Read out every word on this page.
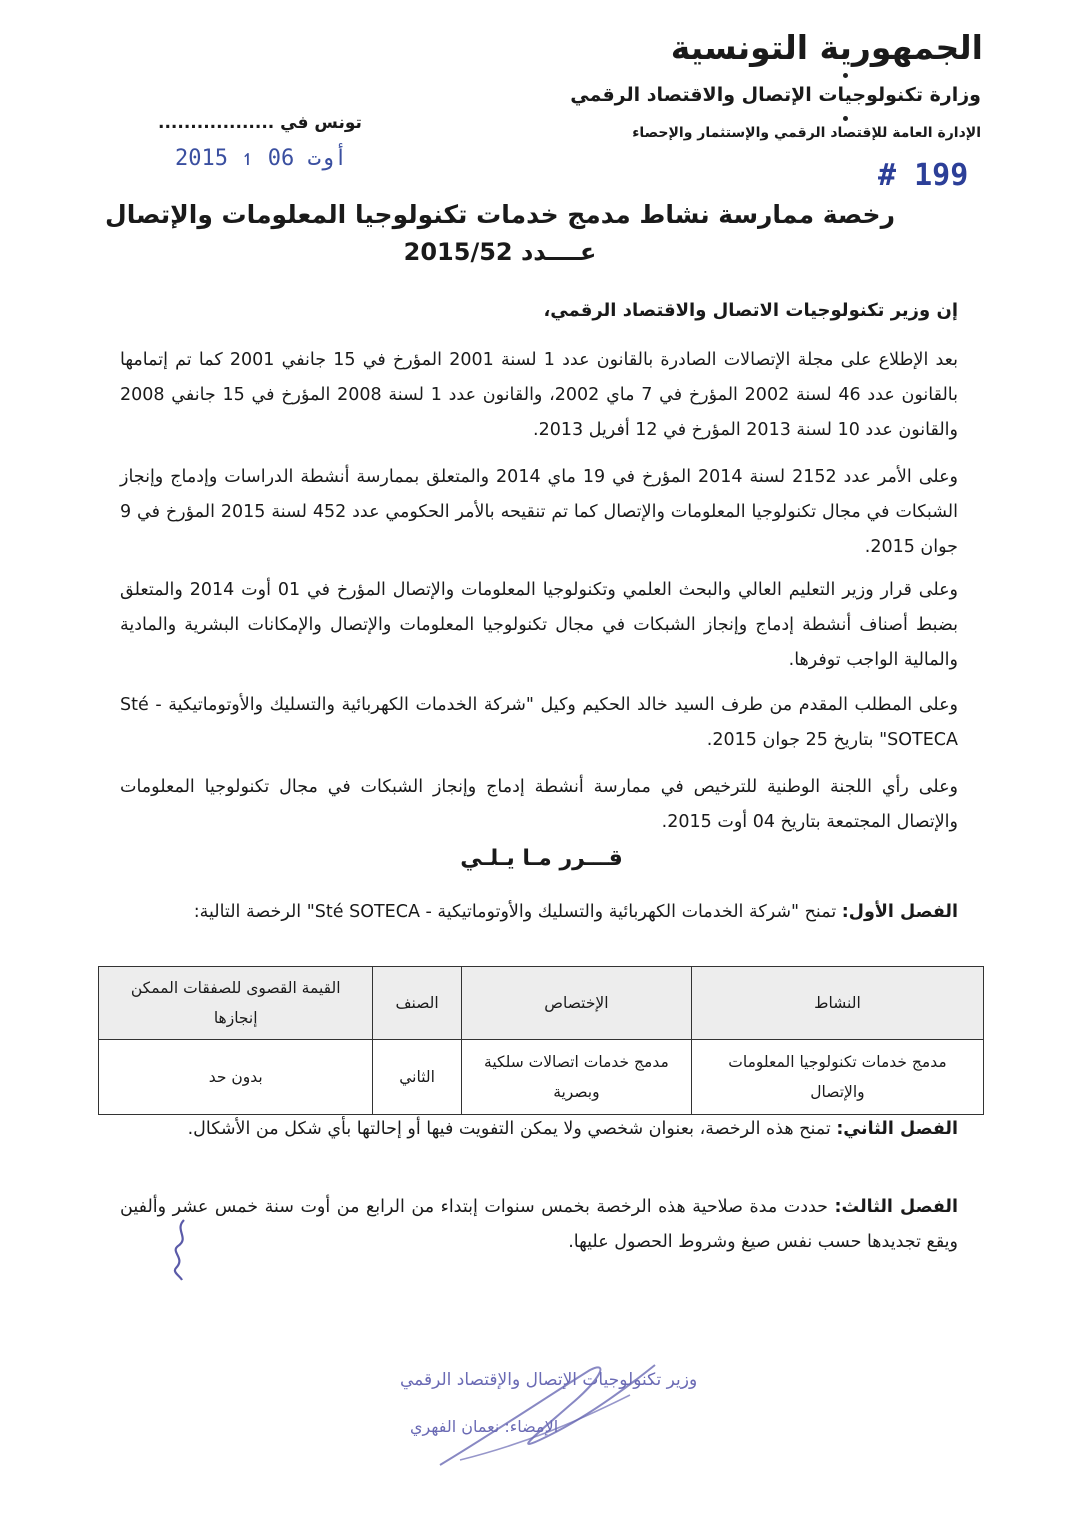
الجمهورية التونسية
وزارة تكنولوجيات الإتصال والاقتصاد الرقمي
الإدارة العامة للإقتصاد الرقمي والإستثمار والإحصاء
تونس في ..................
2015 ↿ أوت 06	# 199
رخصة ممارسة نشاط مدمج خدمات تكنولوجيا المعلومات والإتصال
عــــدد 2015/52
إن وزير تكنولوجيات الاتصال والاقتصاد الرقمي،
بعد الإطلاع على مجلة الإتصالات الصادرة بالقانون عدد 1 لسنة 2001 المؤرخ في 15 جانفي 2001 كما تم إتمامها بالقانون عدد 46 لسنة 2002 المؤرخ في 7 ماي 2002، والقانون عدد 1 لسنة 2008 المؤرخ في 15 جانفي 2008 والقانون عدد 10 لسنة 2013 المؤرخ في 12 أفريل 2013.
وعلى الأمر عدد 2152 لسنة 2014 المؤرخ في 19 ماي 2014 والمتعلق بممارسة أنشطة الدراسات وإدماج وإنجاز الشبكات في مجال تكنولوجيا المعلومات والإتصال كما تم تنقيحه بالأمر الحكومي عدد 452 لسنة 2015 المؤرخ في 9 جوان 2015.
وعلى قرار وزير التعليم العالي والبحث العلمي وتكنولوجيا المعلومات والإتصال المؤرخ في 01 أوت 2014 والمتعلق بضبط أصناف أنشطة إدماج وإنجاز الشبكات في مجال تكنولوجيا المعلومات والإتصال والإمكانات البشرية والمادية والمالية الواجب توفرها.
وعلى المطلب المقدم من طرف السيد خالد الحكيم وكيل "شركة الخدمات الكهربائية والتسليك والأوتوماتيكية - Sté SOTECA" بتاريخ 25 جوان 2015.
وعلى رأي اللجنة الوطنية للترخيص في ممارسة أنشطة إدماج وإنجاز الشبكات في مجال تكنولوجيا المعلومات والإتصال المجتمعة بتاريخ 04 أوت 2015.
قـــرر مـا يـلـي
الفصل الأول: تمنح "شركة الخدمات الكهربائية والتسليك والأوتوماتيكية - Sté SOTECA" الرخصة التالية:
النشاط	الإختصاص	الصنف	القيمة القصوى للصفقات الممكن إنجازها
مدمج خدمات تكنولوجيا المعلومات والإتصال	مدمج خدمات اتصالات سلكية وبصرية	الثاني	بدون حد
الفصل الثاني: تمنح هذه الرخصة، بعنوان شخصي ولا يمكن التفويت فيها أو إحالتها بأي شكل من الأشكال.
الفصل الثالث: حددت مدة صلاحية هذه الرخصة بخمس سنوات إبتداء من الرابع من أوت سنة خمس عشر وألفين ويقع تجديدها حسب نفس صيغ وشروط الحصول عليها.
وزير تكنولوجيات الإتصال والإقتصاد الرقمي
الإمضاء: نعمان الفهري
